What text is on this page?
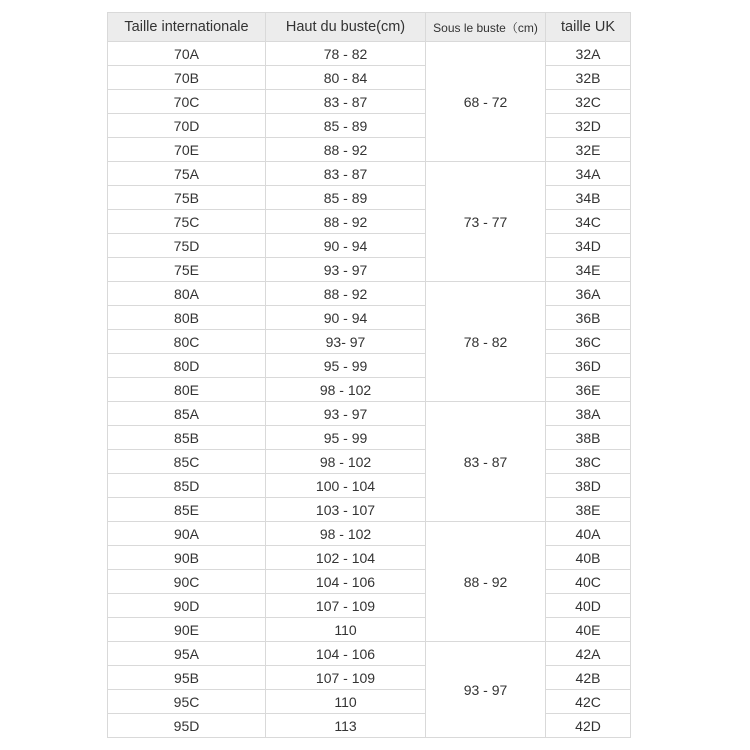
Taille internationale	Haut du buste(cm)	Sous le buste（cm)	taille UK	
70A	78 - 82	68 - 72	32A	
70B	80 - 84		32B	
70C	83 - 87		32C	
70D	85 - 89		32D	
70E	88 - 92		32E	
75A	83 - 87	73 - 77	34A	
75B	85 - 89		34B	
75C	88 - 92		34C	
75D	90 - 94		34D	
75E	93 - 97		34E	
80A	88 - 92	78 - 82	36A	
80B	90 - 94		36B	
80C	93- 97		36C	
80D	95 - 99		36D	
80E	98 - 102		36E	
85A	93 - 97	83 - 87	38A	
85B	95 - 99		38B	
85C	98 - 102		38C	
85D	100 - 104		38D	
85E	103 - 107		38E	
90A	98 - 102	88 - 92	40A	
90B	102 - 104		40B	
90C	104 - 106		40C	
90D	107 - 109		40D	
90E	110		40E	
95A	104 - 106	93 - 97	42A	
95B	107 - 109		42B	
95C	110		42C	
95D	113		42D	
